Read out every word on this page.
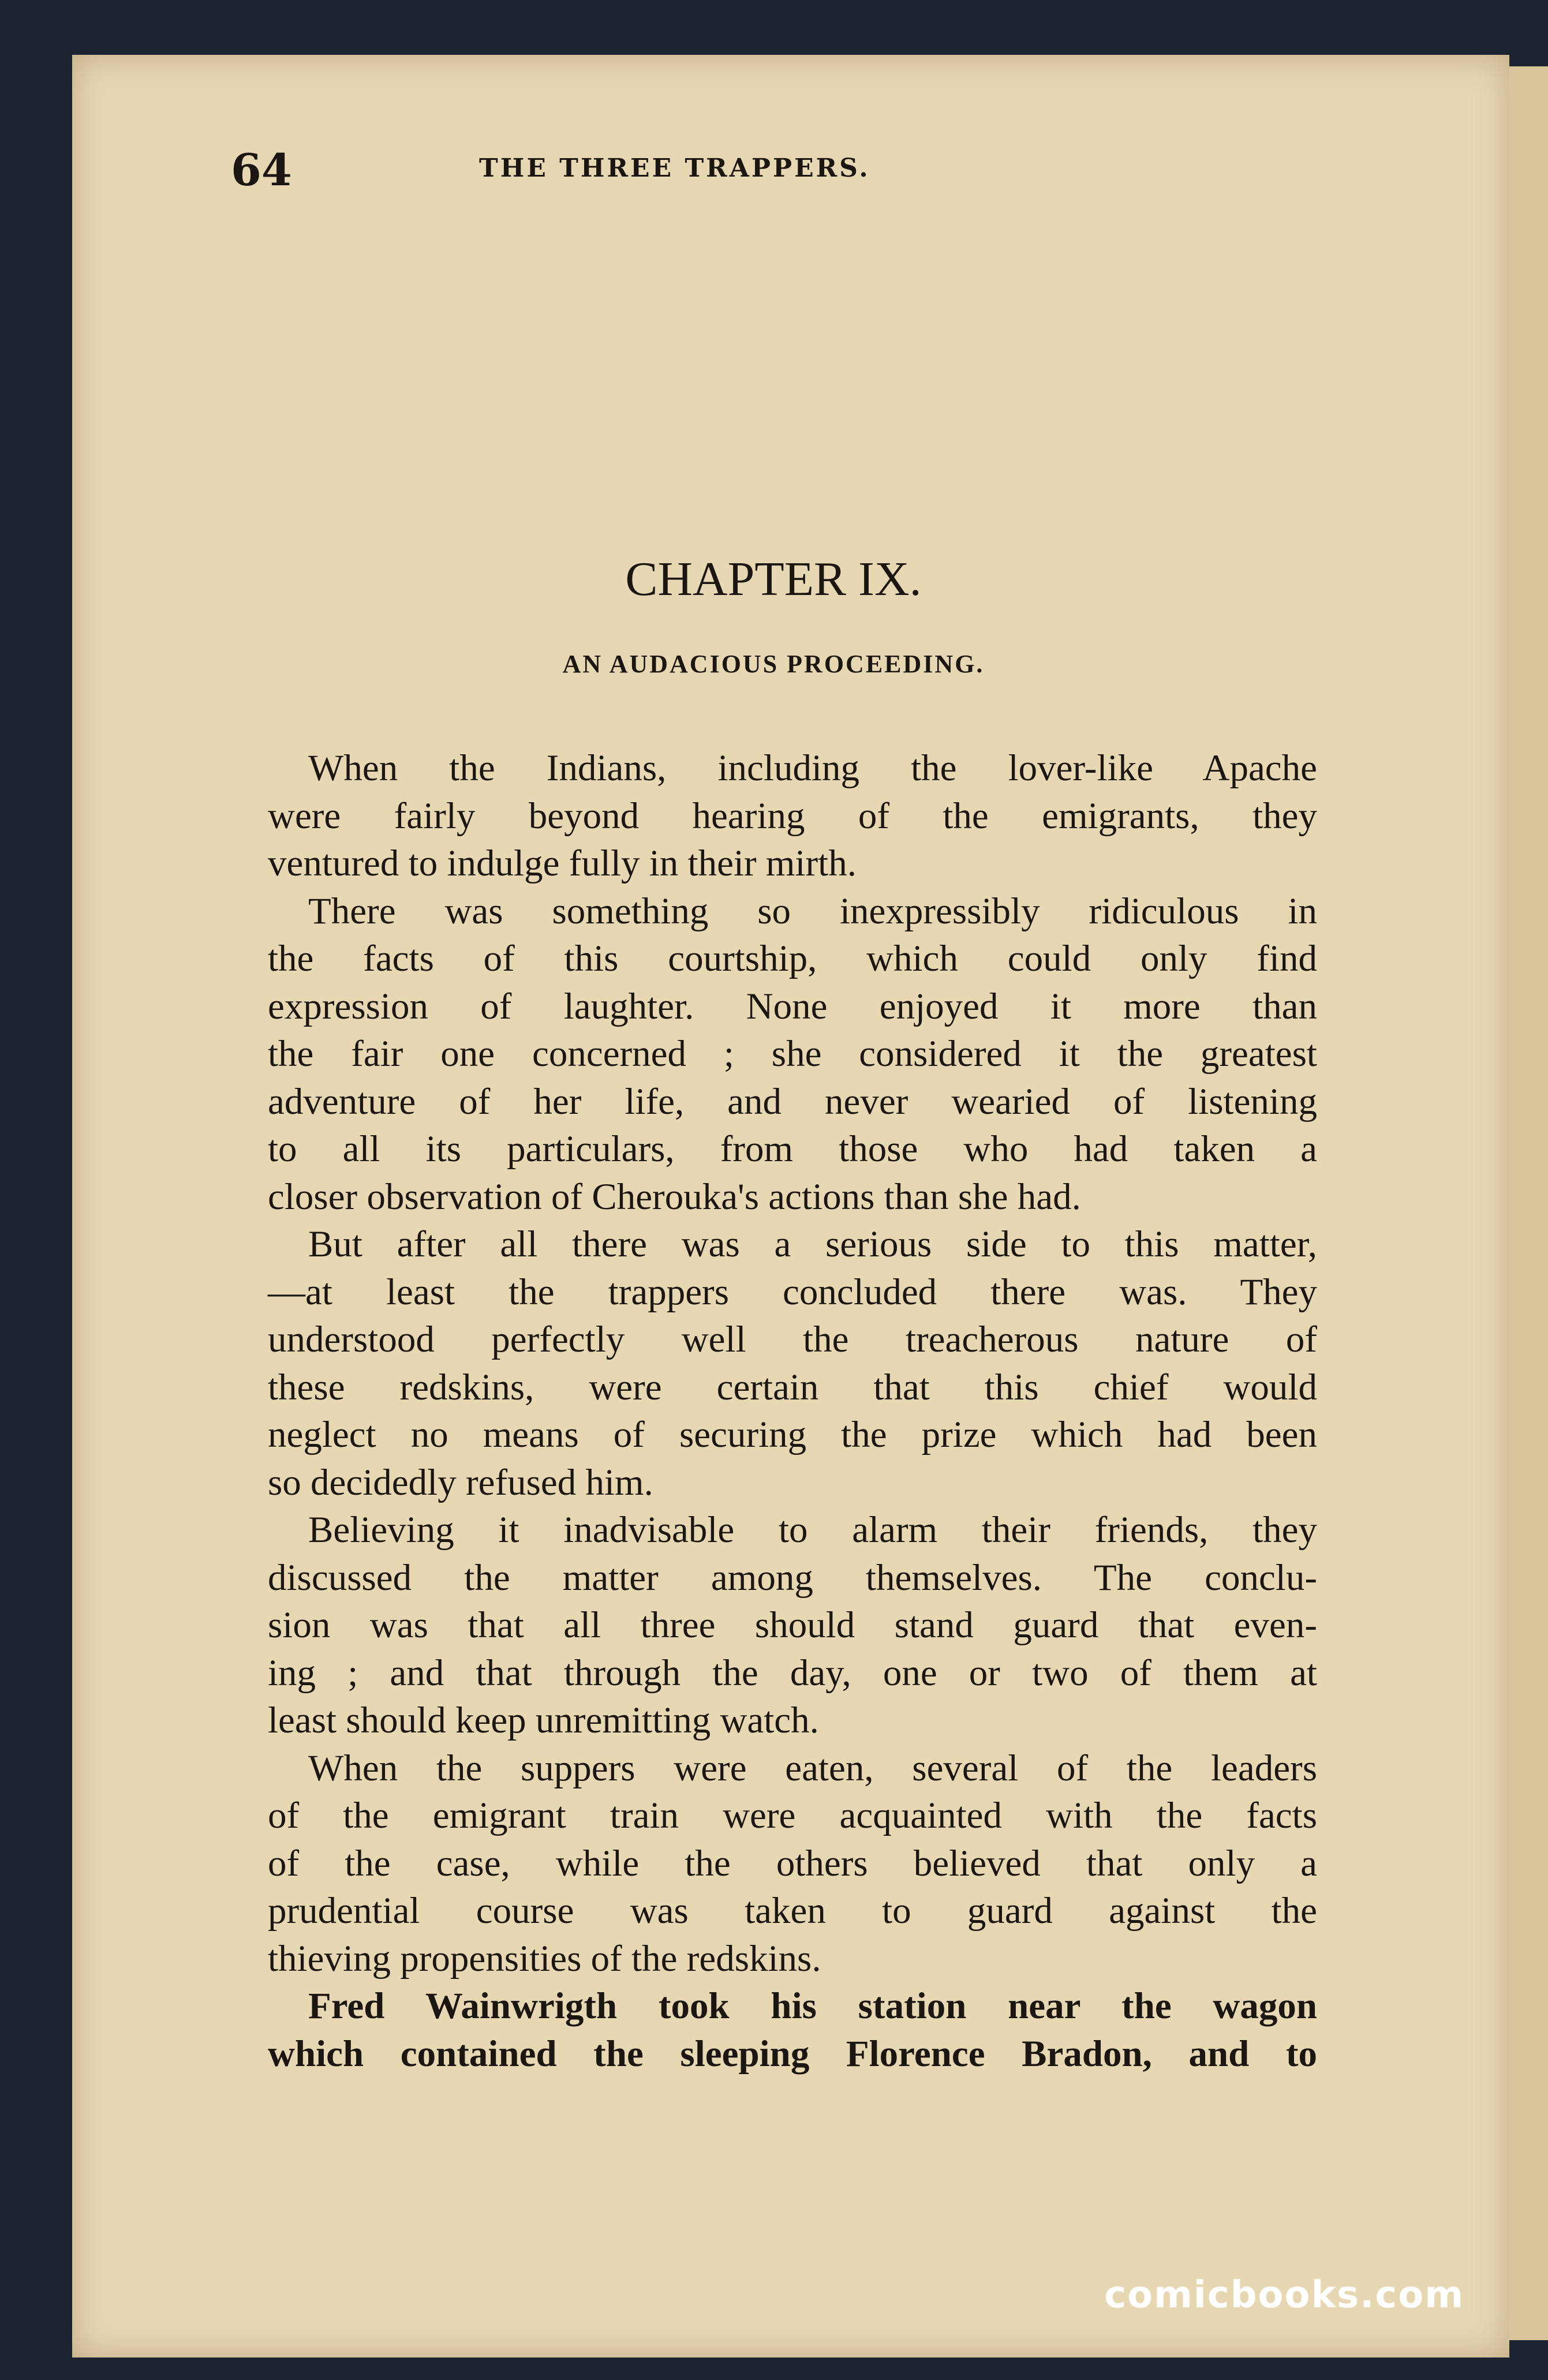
64	THE THREE TRAPPERS.
CHAPTER IX.
AN AUDACIOUS PROCEEDING.

When the Indians, including the lover-like Apache
were fairly beyond hearing of the emigrants, they
ventured to indulge fully in their mirth.

There was something so inexpressibly ridiculous in
the facts of this courtship, which could only find
expression of laughter. None enjoyed it more than
the fair one concerned ; she considered it the greatest
adventure of her life, and never wearied of listening
to all its particulars, from those who had taken a
closer observation of Cherouka's actions than she had.

But after all there was a serious side to this matter,
—at least the trappers concluded there was. They
understood perfectly well the treacherous nature of
these redskins, were certain that this chief would
neglect no means of securing the prize which had been
so decidedly refused him.

Believing it inadvisable to alarm their friends, they
discussed the matter among themselves. The conclu-
sion was that all three should stand guard that even-
ing ; and that through the day, one or two of them at
least should keep unremitting watch.

When the suppers were eaten, several of the leaders
of the emigrant train were acquainted with the facts
of the case, while the others believed that only a
prudential course was taken to guard against the
thieving propensities of the redskins.

Fred Wainwrigth took his station near the wagon
which contained the sleeping Florence Bradon, and to

comicbooks.com
